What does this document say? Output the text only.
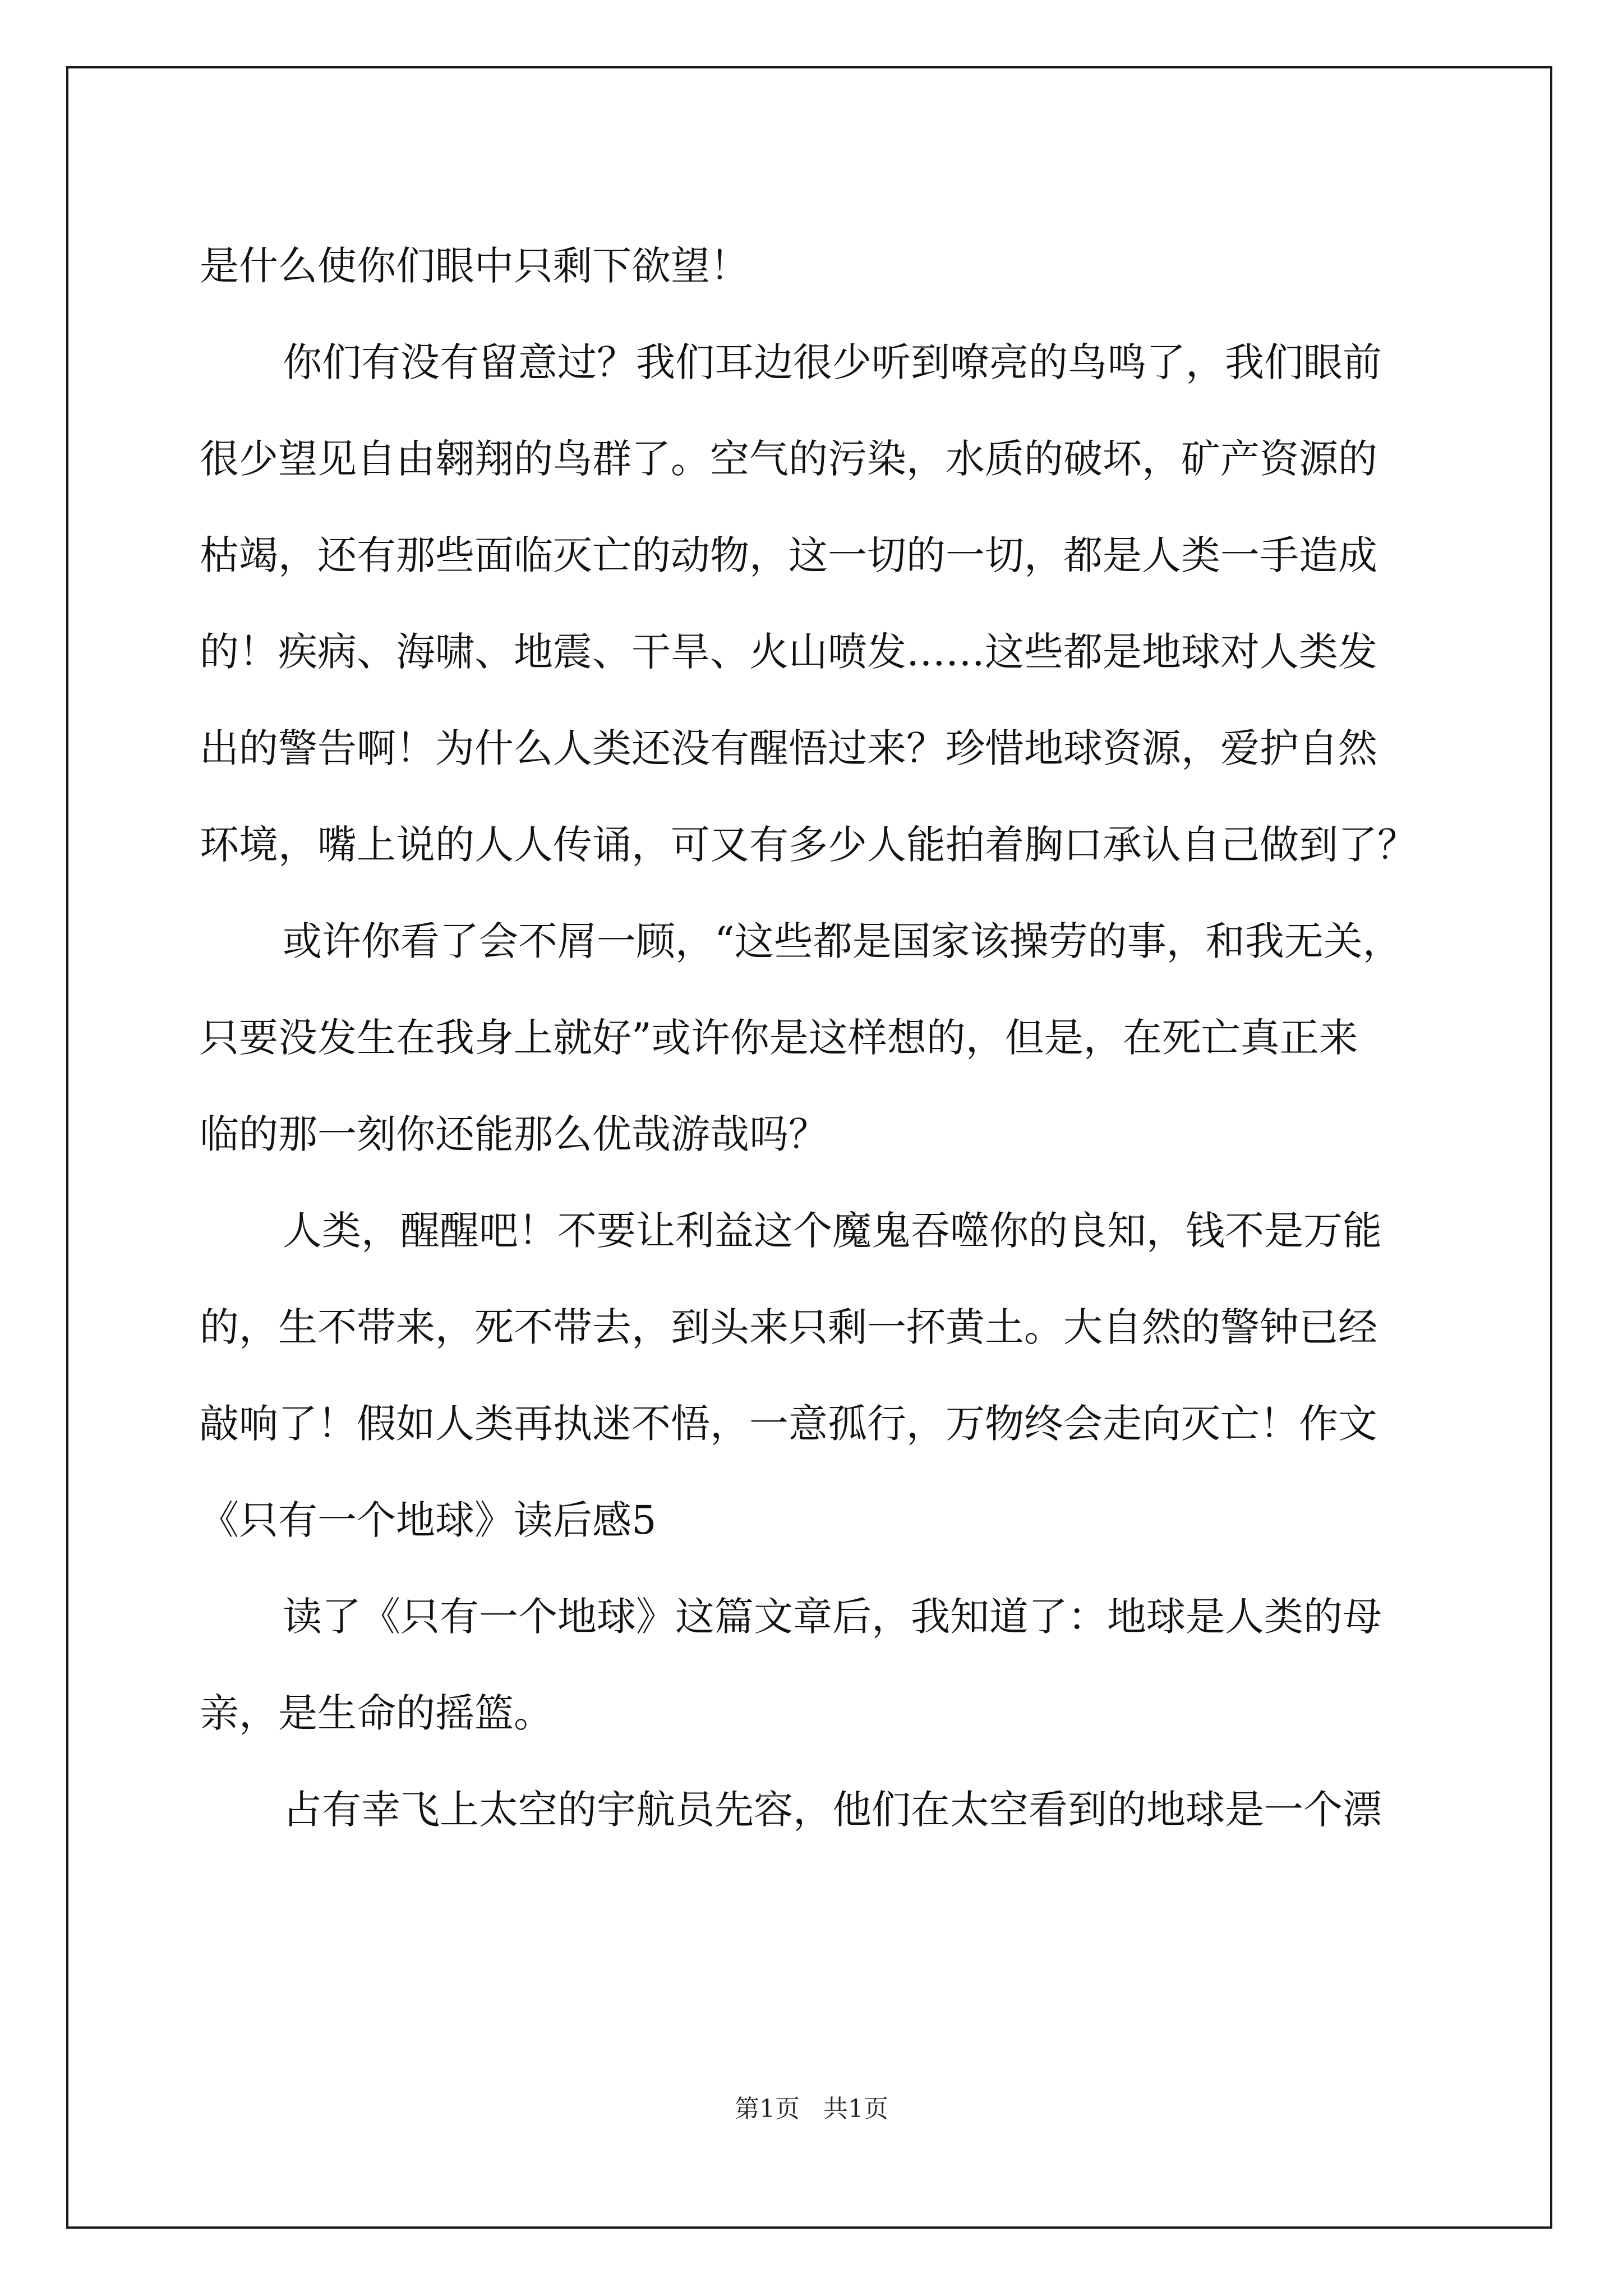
是什么使你们眼中只剩下欲望！
你们有没有留意过？我们耳边很少听到嘹亮的鸟鸣了，我们眼前
很少望见自由翱翔的鸟群了。空气的污染，水质的破坏，矿产资源的
枯竭，还有那些面临灭亡的动物，这一切的一切，都是人类一手造成
的！疾病、海啸、地震、干旱、火山喷发……这些都是地球对人类发
出的警告啊！为什么人类还没有醒悟过来？珍惜地球资源，爱护自然
环境，嘴上说的人人传诵，可又有多少人能拍着胸口承认自己做到了？
或许你看了会不屑一顾，“这些都是国家该操劳的事，和我无关，
只要没发生在我身上就好”或许你是这样想的，但是，在死亡真正来
临的那一刻你还能那么优哉游哉吗？
人类，醒醒吧！不要让利益这个魔鬼吞噬你的良知，钱不是万能
的，生不带来，死不带去，到头来只剩一抔黄土。大自然的警钟已经
敲响了！假如人类再执迷不悟，一意孤行，万物终会走向灭亡！作文
《只有一个地球》读后感5
读了《只有一个地球》这篇文章后，我知道了：地球是人类的母
亲，是生命的摇篮。
占有幸飞上太空的宇航员先容，他们在太空看到的地球是一个漂
第1页 共1页
